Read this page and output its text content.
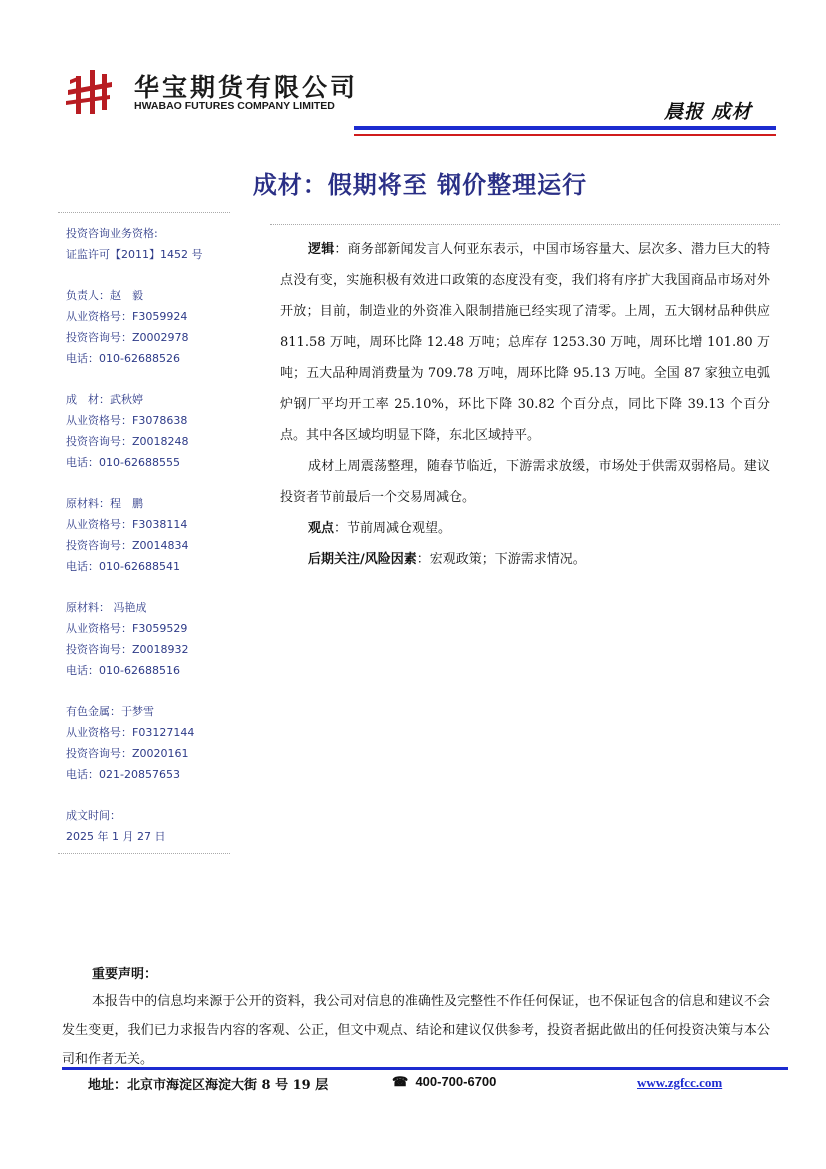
华宝期货有限公司
HWABAO FUTURES COMPANY LIMITED	晨报 成材
成材：假期将至 钢价整理运行
投资咨询业务资格:
证监许可【2011】1452 号
负责人：赵　毅
从业资格号：F3059924
投资咨询号：Z0002978
电话：010-62688526
成　材：武秋婷
从业资格号：F3078638
投资咨询号：Z0018248
电话：010-62688555
原材料：程　鹏
从业资格号：F3038114
投资咨询号：Z0014834
电话：010-62688541
原材料： 冯艳成
从业资格号：F3059529
投资咨询号：Z0018932
电话：010-62688516
有色金属：于梦雪
从业资格号：F03127144
投资咨询号：Z0020161
电话：021-20857653
成文时间：
2025 年 1 月 27 日

逻辑：商务部新闻发言人何亚东表示，中国市场容量大、层次多、潜力巨大的特点没有变，实施积极有效进口政策的态度没有变，我们将有序扩大我国商品市场对外开放；目前，制造业的外资准入限制措施已经实现了清零。上周，五大钢材品种供应 811.58 万吨，周环比降 12.48 万吨；总库存 1253.30 万吨，周环比增 101.80 万吨；五大品种周消费量为 709.78 万吨，周环比降 95.13 万吨。全国 87 家独立电弧炉钢厂平均开工率 25.10%，环比下降 30.82 个百分点，同比下降 39.13 个百分点。其中各区域均明显下降，东北区域持平。

成材上周震荡整理，随春节临近，下游需求放缓，市场处于供需双弱格局。建议投资者节前最后一个交易周减仓。

观点：节前周减仓观望。

后期关注/风险因素：宏观政策；下游需求情况。

重要声明：
本报告中的信息均来源于公开的资料，我公司对信息的准确性及完整性不作任何保证，也不保证包含的信息和建议不会发生变更，我们已力求报告内容的客观、公正，但文中观点、结论和建议仅供参考，投资者据此做出的任何投资决策与本公司和作者无关。
地址：北京市海淀区海淀大街 8 号 19 层	☎ 400-700-6700	www.zgfcc.com
